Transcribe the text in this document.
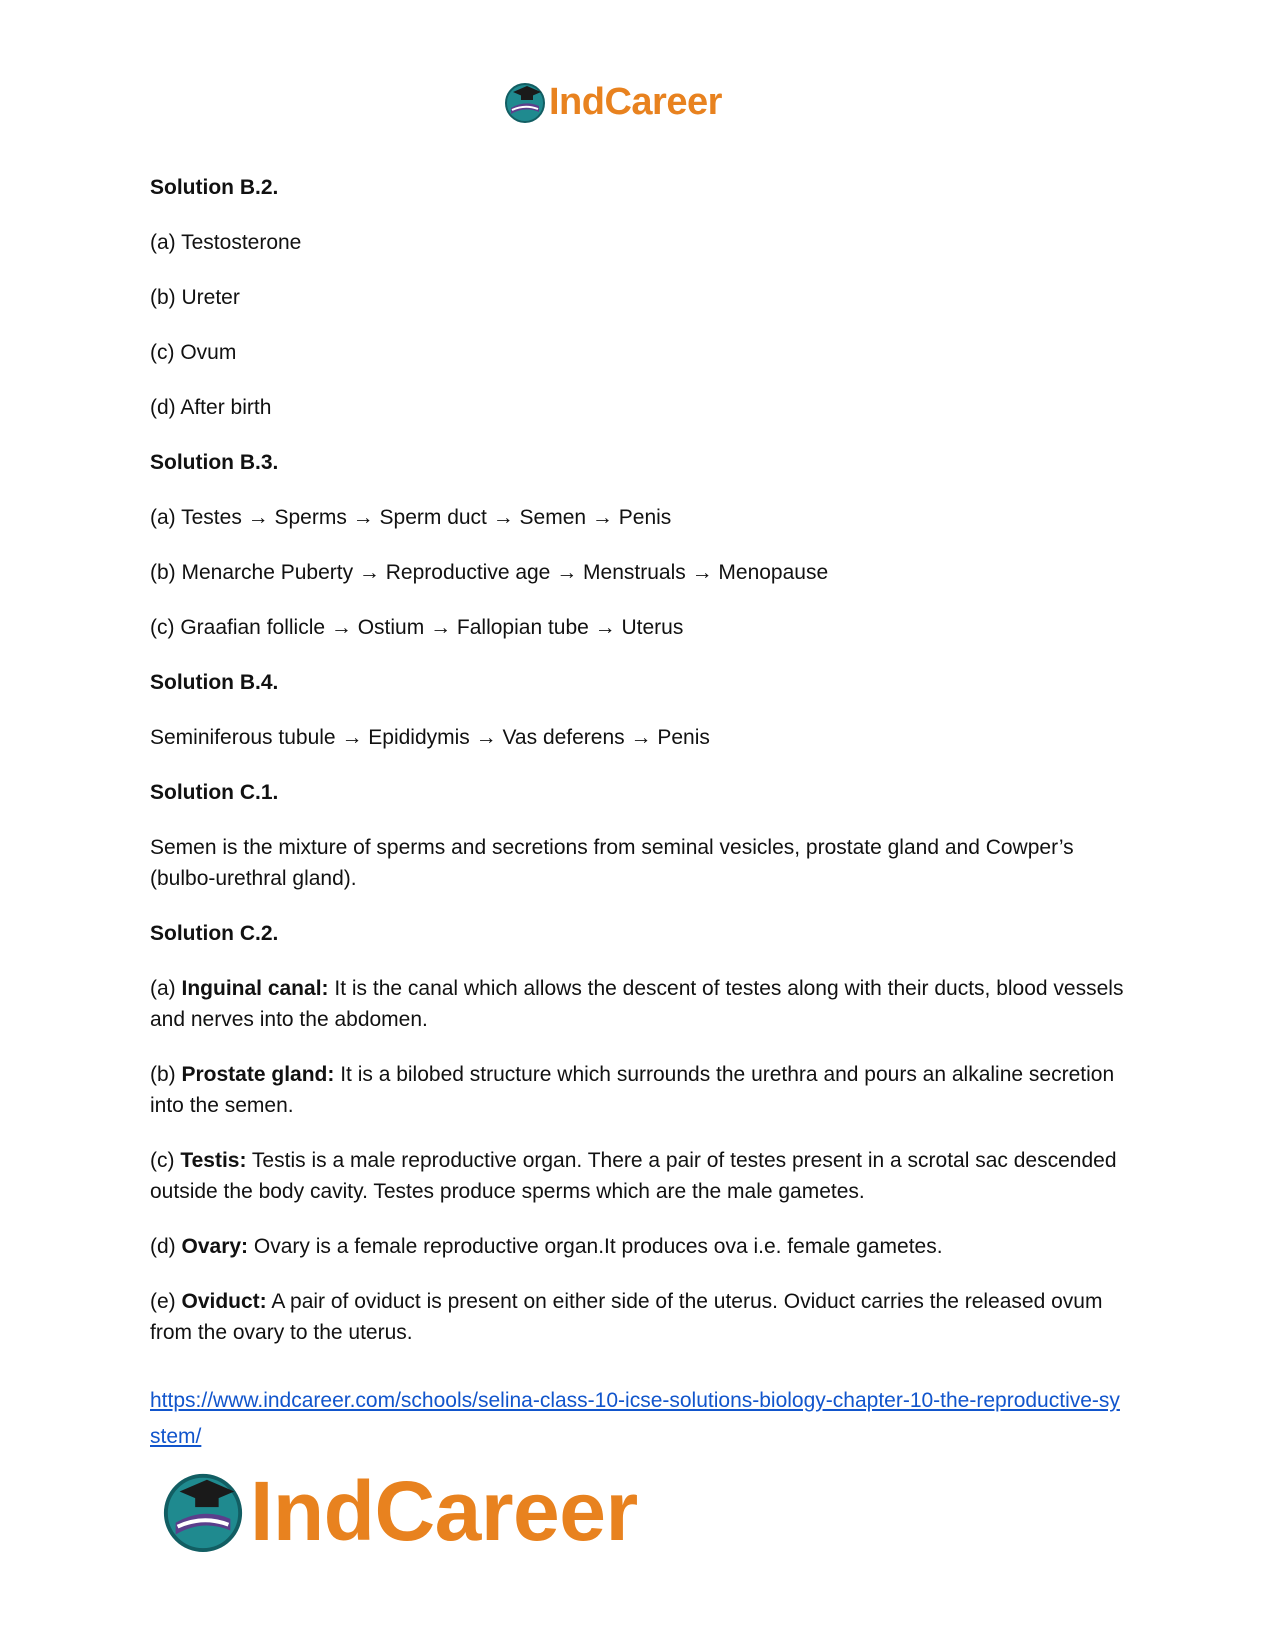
IndCareer

Solution B.2.

(a) Testosterone

(b) Ureter

(c) Ovum

(d) After birth

Solution B.3.

(a) Testes → Sperms → Sperm duct → Semen → Penis

(b) Menarche Puberty → Reproductive age → Menstruals → Menopause

(c) Graafian follicle → Ostium → Fallopian tube → Uterus

Solution B.4.

Seminiferous tubule → Epididymis → Vas deferens → Penis

Solution C.1.

Semen is the mixture of sperms and secretions from seminal vesicles, prostate gland and Cowper’s (bulbo-urethral gland).

Solution C.2.

(a) Inguinal canal: It is the canal which allows the descent of testes along with their ducts, blood vessels and nerves into the abdomen.

(b) Prostate gland: It is a bilobed structure which surrounds the urethra and pours an alkaline secretion into the semen.

(c) Testis: Testis is a male reproductive organ. There a pair of testes present in a scrotal sac descended outside the body cavity. Testes produce sperms which are the male gametes.

(d) Ovary: Ovary is a female reproductive organ.It produces ova i.e. female gametes.

(e) Oviduct: A pair of oviduct is present on either side of the uterus. Oviduct carries the released ovum from the ovary to the uterus.

https://www.indcareer.com/schools/selina-class-10-icse-solutions-biology-chapter-10-the-reproductive-system/
IndCareer
